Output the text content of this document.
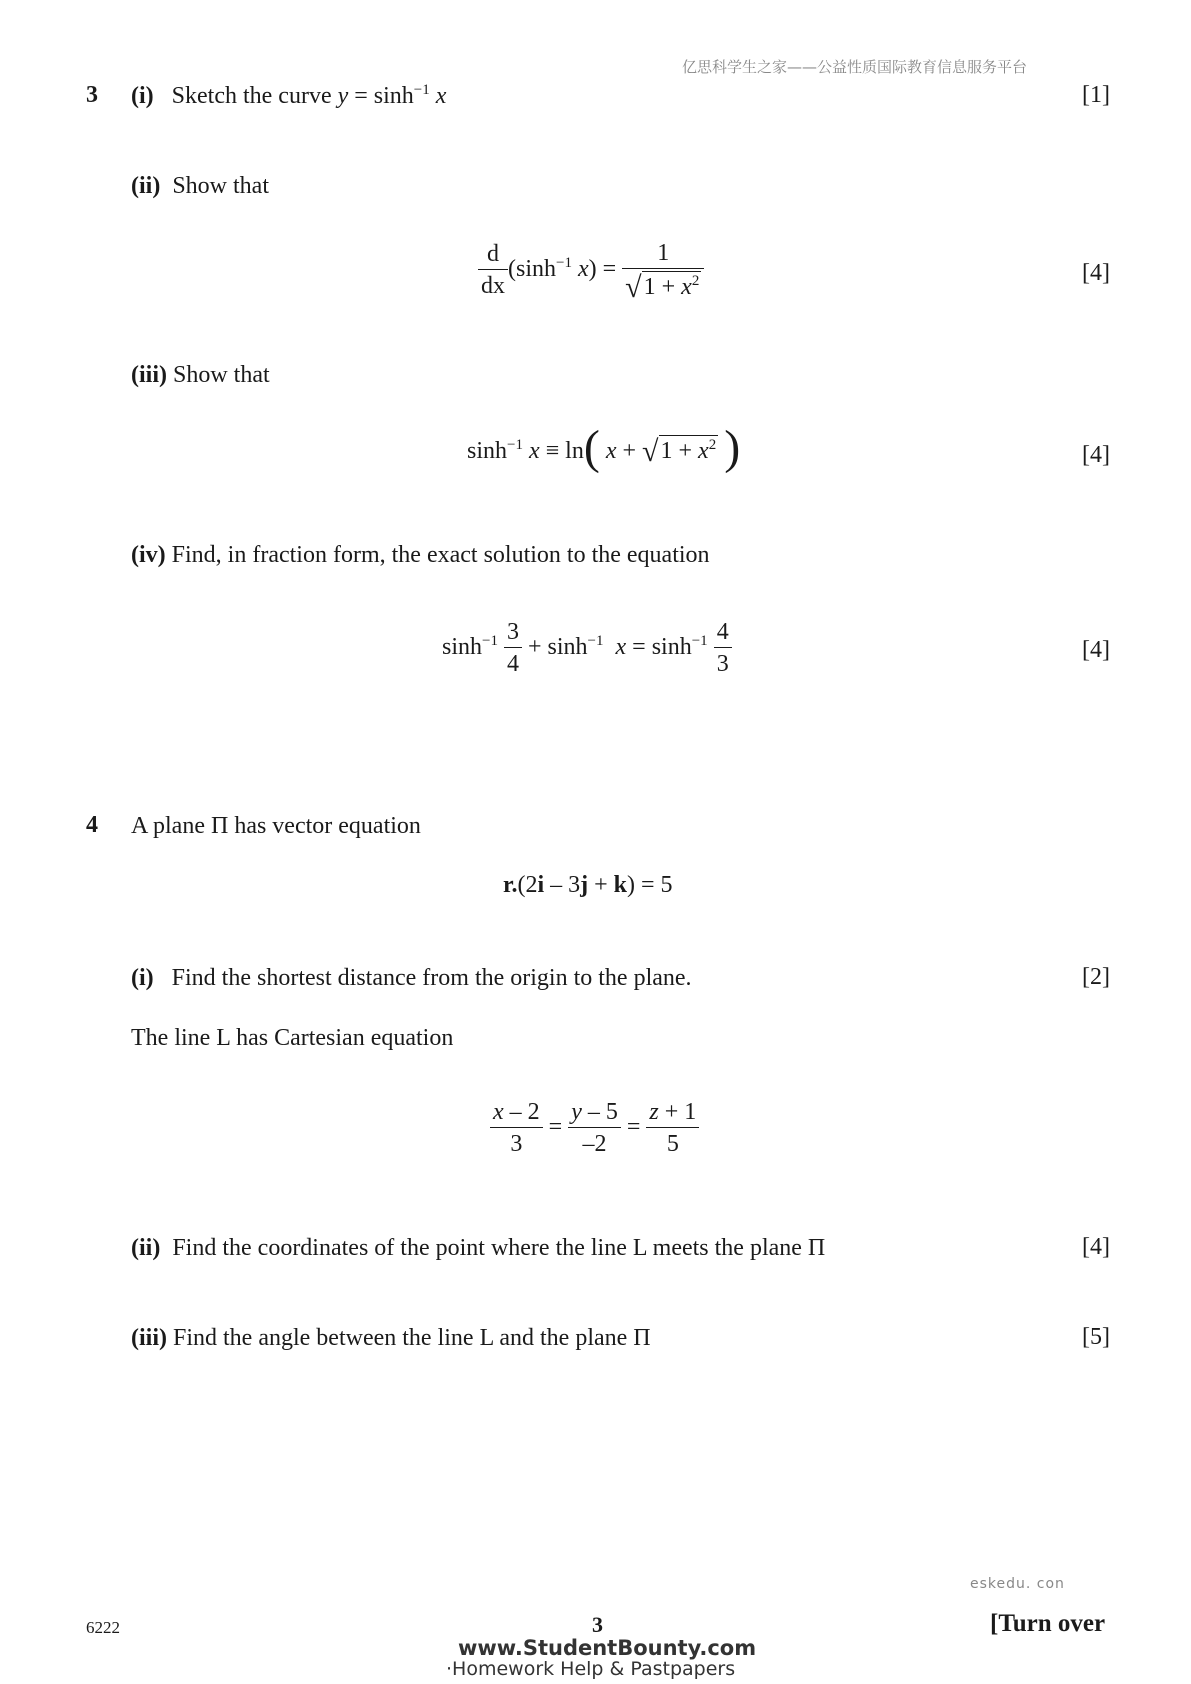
亿思科学生之家——公益性质国际教育信息服务平台
3 (i) Sketch the curve $y = \sinh^{-1} x$	[1]
(ii) Show that
$\frac{d}{dx} (\sinh^{-1}$ $x) = \frac{1}{√1 + x^2}$	[4]
(iii) Show that
$\sinh^{-1} x \equiv \ln$( $x + √1 + x^2$ )	[4]
(iv) Find, in fraction form, the exact solution to the equation
$\sinh^{-1} \frac{3}{4} + \sinh^{-1} x = \sinh^{-1} \frac{4}{3}$	[4]
4 A plane Π has vector equation
r.(2i – 3j + k) = 5
(i) Find the shortest distance from the origin to the plane.	[2]
The line L has Cartesian equation
$\frac{x - 2}{3} = \frac{y - 5}{-2} = \frac{z + 1}{5}$
(ii) Find the coordinates of the point where the line L meets the plane Π	[4]
(iii) Find the angle between the line L and the plane Π	[5]
eskedu. con
6222	3	[Turn over
www.StudentBounty.com
·Homework Help & Pastpapers
